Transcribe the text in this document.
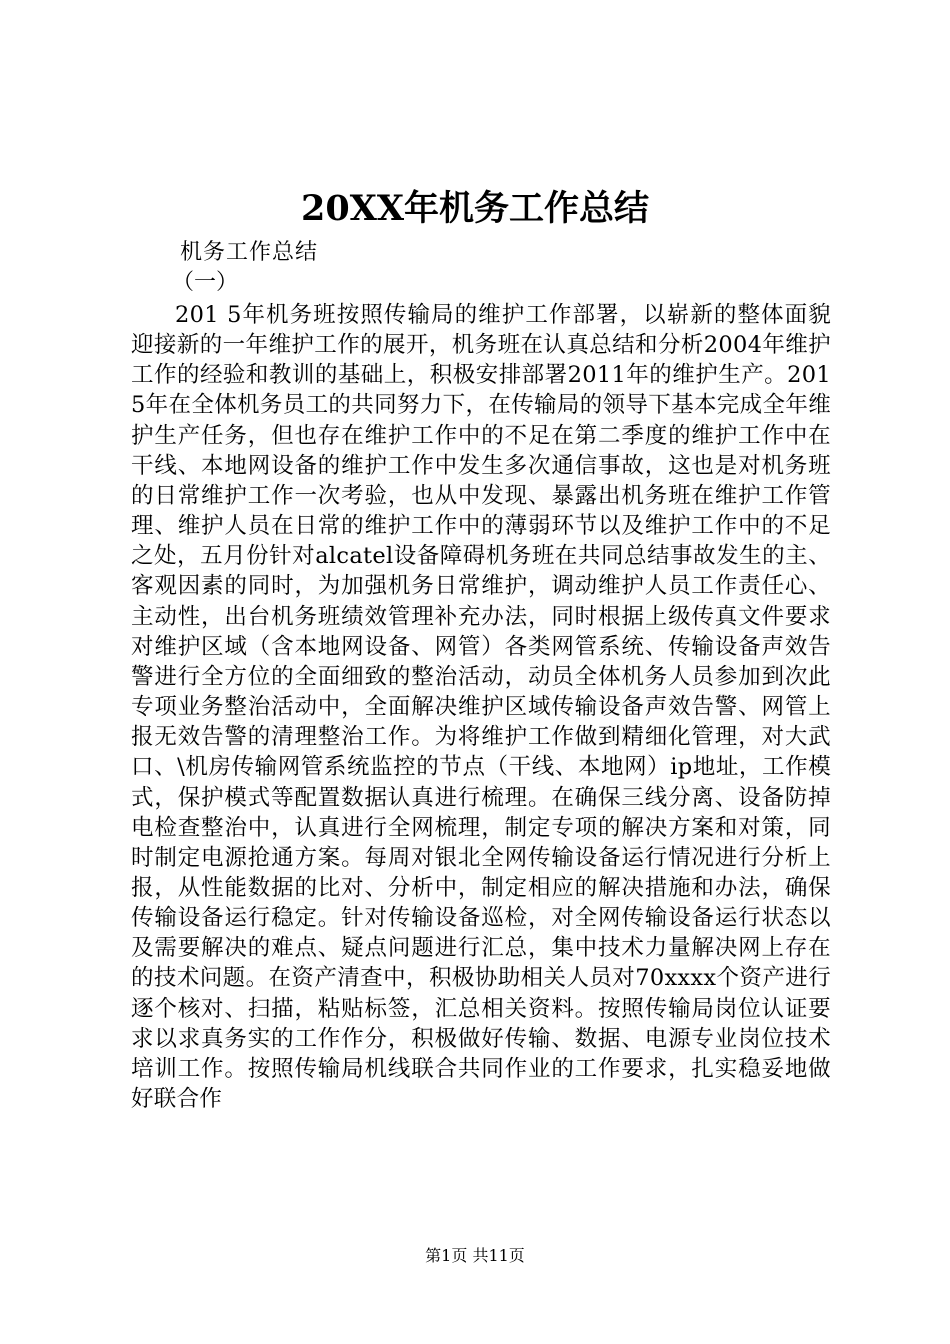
20XX年机务工作总结
机务工作总结
（一）

201 5年机务班按照传输局的维护工作部署，以崭新的整体面貌迎接新的一年维护工作的展开，机务班在认真总结和分析2004年维护工作的经验和教训的基础上，积极安排部署2011年的维护生产。201 5年在全体机务员工的共同努力下，在传输局的领导下基本完成全年维护生产任务，但也存在维护工作中的不足在第二季度的维护工作中在干线、本地网设备的维护工作中发生多次通信事故，这也是对机务班的日常维护工作一次考验，也从中发现、暴露出机务班在维护工作管理、维护人员在日常的维护工作中的薄弱环节以及维护工作中的不足之处，五月份针对alcatel设备障碍机务班在共同总结事故发生的主、客观因素的同时，为加强机务日常维护，调动维护人员工作责任心、主动性，出台机务班绩效管理补充办法，同时根据上级传真文件要求对维护区域（含本地网设备、网管）各类网管系统、传输设备声效告警进行全方位的全面细致的整治活动，动员全体机务人员参加到次此专项业务整治活动中，全面解决维护区域传输设备声效告警、网管上报无效告警的清理整治工作。为将维护工作做到精细化管理，对大武口、\机房传输网管系统监控的节点（干线、本地网）ip地址，工作模式，保护模式等配置数据认真进行梳理。在确保三线分离、设备防掉电检查整治中，认真进行全网梳理，制定专项的解决方案和对策，同时制定电源抢通方案。每周对银北全网传输设备运行情况进行分析上报，从性能数据的比对、分析中，制定相应的解决措施和办法，确保传输设备运行稳定。针对传输设备巡检，对全网传输设备运行状态以及需要解决的难点、疑点问题进行汇总，集中技术力量解决网上存在的技术问题。在资产清查中，积极协助相关人员对70xxxx个资产进行逐个核对、扫描，粘贴标签，汇总相关资料。按照传输局岗位认证要求以求真务实的工作作分，积极做好传输、数据、电源专业岗位技术培训工作。按照传输局机线联合共同作业的工作要求，扎实稳妥地做好联合作

第1页 共11页
